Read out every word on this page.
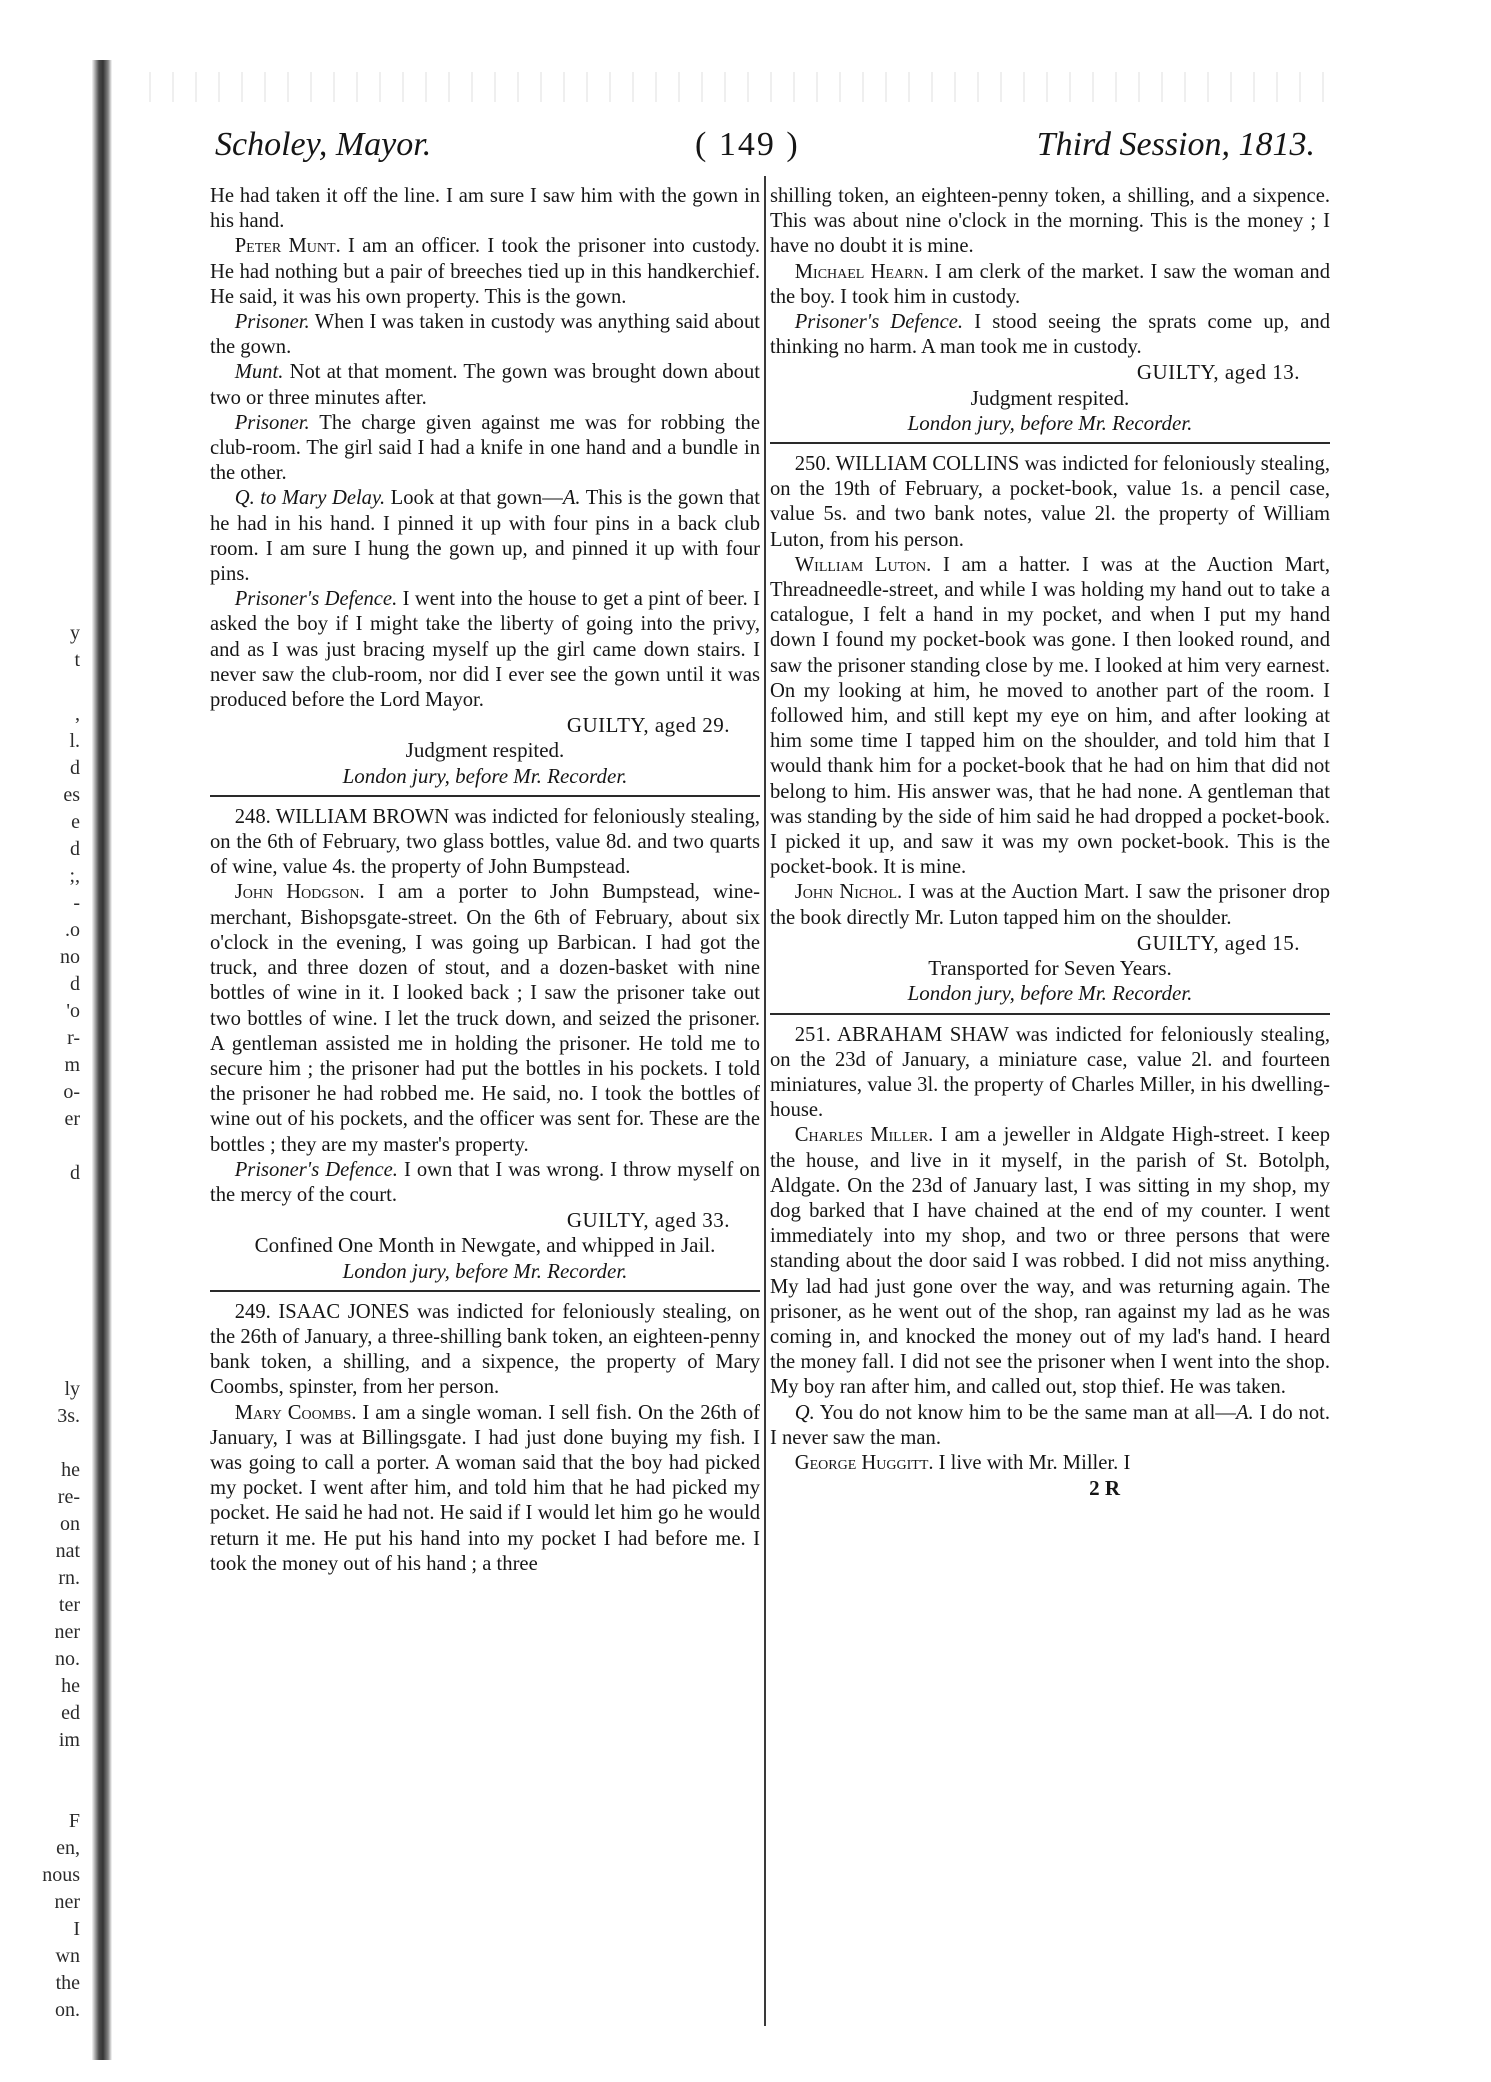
y
t

,
l.
d
es
e
d
;,
-
.o
no
d
'o
r-
m
o-
er

d

ly
3s.

he
re-
on
nat
rn.
ter
ner
no.
he
ed
im

F
en,
nous
ner
I
wn
the
on.
Scholey, Mayor.	( 149 )	Third Session, 1813.

He had taken it off the line. I am sure I saw him with the gown in his hand.

Peter Munt. I am an officer. I took the prisoner into custody. He had nothing but a pair of breeches tied up in this handkerchief. He said, it was his own property. This is the gown.

Prisoner. When I was taken in custody was anything said about the gown.

Munt. Not at that moment. The gown was brought down about two or three minutes after.

Prisoner. The charge given against me was for robbing the club-room. The girl said I had a knife in one hand and a bundle in the other.

Q. to Mary Delay. Look at that gown—A. This is the gown that he had in his hand. I pinned it up with four pins in a back club room. I am sure I hung the gown up, and pinned it up with four pins.

Prisoner's Defence. I went into the house to get a pint of beer. I asked the boy if I might take the liberty of going into the privy, and as I was just bracing myself up the girl came down stairs. I never saw the club-room, nor did I ever see the gown until it was produced before the Lord Mayor.

GUILTY, aged 29.
Judgment respited.
London jury, before Mr. Recorder.

248. WILLIAM BROWN was indicted for feloniously stealing, on the 6th of February, two glass bottles, value 8d. and two quarts of wine, value 4s. the property of John Bumpstead.

John Hodgson. I am a porter to John Bumpstead, wine-merchant, Bishopsgate-street. On the 6th of February, about six o'clock in the evening, I was going up Barbican. I had got the truck, and three dozen of stout, and a dozen-basket with nine bottles of wine in it. I looked back ; I saw the prisoner take out two bottles of wine. I let the truck down, and seized the prisoner. A gentleman assisted me in holding the prisoner. He told me to secure him ; the prisoner had put the bottles in his pockets. I told the prisoner he had robbed me. He said, no. I took the bottles of wine out of his pockets, and the officer was sent for. These are the bottles ; they are my master's property.

Prisoner's Defence. I own that I was wrong. I throw myself on the mercy of the court.

GUILTY, aged 33.
Confined One Month in Newgate, and whipped in Jail.
London jury, before Mr. Recorder.

249. ISAAC JONES was indicted for feloniously stealing, on the 26th of January, a three-shilling bank token, an eighteen-penny bank token, a shilling, and a sixpence, the property of Mary Coombs, spinster, from her person.

Mary Coombs. I am a single woman. I sell fish. On the 26th of January, I was at Billingsgate. I had just done buying my fish. I was going to call a porter. A woman said that the boy had picked my pocket. I went after him, and told him that he had picked my pocket. He said he had not. He said if I would let him go he would return it me. He put his hand into my pocket I had before me. I took the money out of his hand ; a three

shilling token, an eighteen-penny token, a shilling, and a sixpence. This was about nine o'clock in the morning. This is the money ; I have no doubt it is mine.

Michael Hearn. I am clerk of the market. I saw the woman and the boy. I took him in custody.

Prisoner's Defence. I stood seeing the sprats come up, and thinking no harm. A man took me in custody.

GUILTY, aged 13.
Judgment respited.
London jury, before Mr. Recorder.

250. WILLIAM COLLINS was indicted for feloniously stealing, on the 19th of February, a pocket-book, value 1s. a pencil case, value 5s. and two bank notes, value 2l. the property of William Luton, from his person.

William Luton. I am a hatter. I was at the Auction Mart, Threadneedle-street, and while I was holding my hand out to take a catalogue, I felt a hand in my pocket, and when I put my hand down I found my pocket-book was gone. I then looked round, and saw the prisoner standing close by me. I looked at him very earnest. On my looking at him, he moved to another part of the room. I followed him, and still kept my eye on him, and after looking at him some time I tapped him on the shoulder, and told him that I would thank him for a pocket-book that he had on him that did not belong to him. His answer was, that he had none. A gentleman that was standing by the side of him said he had dropped a pocket-book. I picked it up, and saw it was my own pocket-book. This is the pocket-book. It is mine.

John Nichol. I was at the Auction Mart. I saw the prisoner drop the book directly Mr. Luton tapped him on the shoulder.

GUILTY, aged 15.
Transported for Seven Years.
London jury, before Mr. Recorder.

251. ABRAHAM SHAW was indicted for feloniously stealing, on the 23d of January, a miniature case, value 2l. and fourteen miniatures, value 3l. the property of Charles Miller, in his dwelling-house.

Charles Miller. I am a jeweller in Aldgate High-street. I keep the house, and live in it myself, in the parish of St. Botolph, Aldgate. On the 23d of January last, I was sitting in my shop, my dog barked that I have chained at the end of my counter. I went immediately into my shop, and two or three persons that were standing about the door said I was robbed. I did not miss anything. My lad had just gone over the way, and was returning again. The prisoner, as he went out of the shop, ran against my lad as he was coming in, and knocked the money out of my lad's hand. I heard the money fall. I did not see the prisoner when I went into the shop. My boy ran after him, and called out, stop thief. He was taken.

Q. You do not know him to be the same man at all—A. I do not. I never saw the man.

George Huggitt. I live with Mr. Miller. I

2 R
